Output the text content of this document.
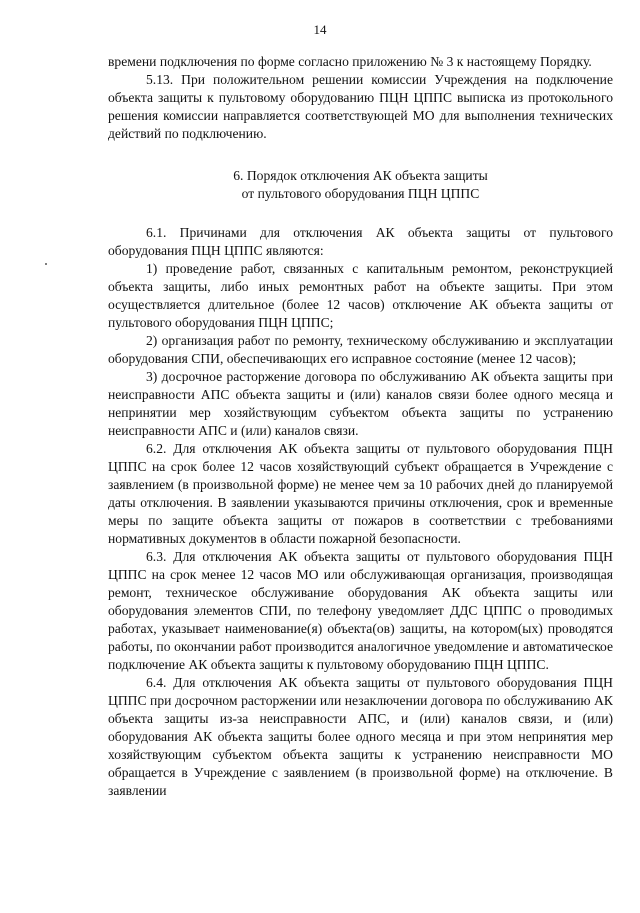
14

времени подключения по форме согласно приложению № 3 к настоящему Порядку.

5.13. При положительном решении комиссии Учреждения на подключение объекта защиты к пультовому оборудованию ПЦН ЦППС выписка из протокольного решения комиссии направляется соответствующей МО для выполнения технических действий по подключению.

6. Порядок отключения АК объекта защиты
от пультового оборудования ПЦН ЦППС

6.1. Причинами для отключения АК объекта защиты от пультового оборудования ПЦН ЦППС являются:

1) проведение работ, связанных с капитальным ремонтом, реконструкцией объекта защиты, либо иных ремонтных работ на объекте защиты. При этом осуществляется длительное (более 12 часов) отключение АК объекта защиты от пультового оборудования ПЦН ЦППС;

2) организация работ по ремонту, техническому обслуживанию и эксплуатации оборудования СПИ, обеспечивающих его исправное состояние (менее 12 часов);

3) досрочное расторжение договора по обслуживанию АК объекта защиты при неисправности АПС объекта защиты и (или) каналов связи более одного месяца и непринятии мер хозяйствующим субъектом объекта защиты по устранению неисправности АПС и (или) каналов связи.

6.2. Для отключения АК объекта защиты от пультового оборудования ПЦН ЦППС на срок более 12 часов хозяйствующий субъект обращается в Учреждение с заявлением (в произвольной форме) не менее чем за 10 рабочих дней до планируемой даты отключения. В заявлении указываются причины отключения, срок и временные меры по защите объекта защиты от пожаров в соответствии с требованиями нормативных документов в области пожарной безопасности.

6.3. Для отключения АК объекта защиты от пультового оборудования ПЦН ЦППС на срок менее 12 часов МО или обслуживающая организация, производящая ремонт, техническое обслуживание оборудования АК объекта защиты или оборудования элементов СПИ, по телефону уведомляет ДДС ЦППС о проводимых работах, указывает наименование(я) объекта(ов) защиты, на котором(ых) проводятся работы, по окончании работ производится аналогичное уведомление и автоматическое подключение АК объекта защиты к пультовому оборудованию ПЦН ЦППС.

6.4. Для отключения АК объекта защиты от пультового оборудования ПЦН ЦППС при досрочном расторжении или незаключении договора по обслуживанию АК объекта защиты из-за неисправности АПС, и (или) каналов связи, и (или) оборудования АК объекта защиты более одного месяца и при этом непринятия мер хозяйствующим субъектом объекта защиты к устранению неисправности МО обращается в Учреждение с заявлением (в произвольной форме) на отключение. В заявлении
